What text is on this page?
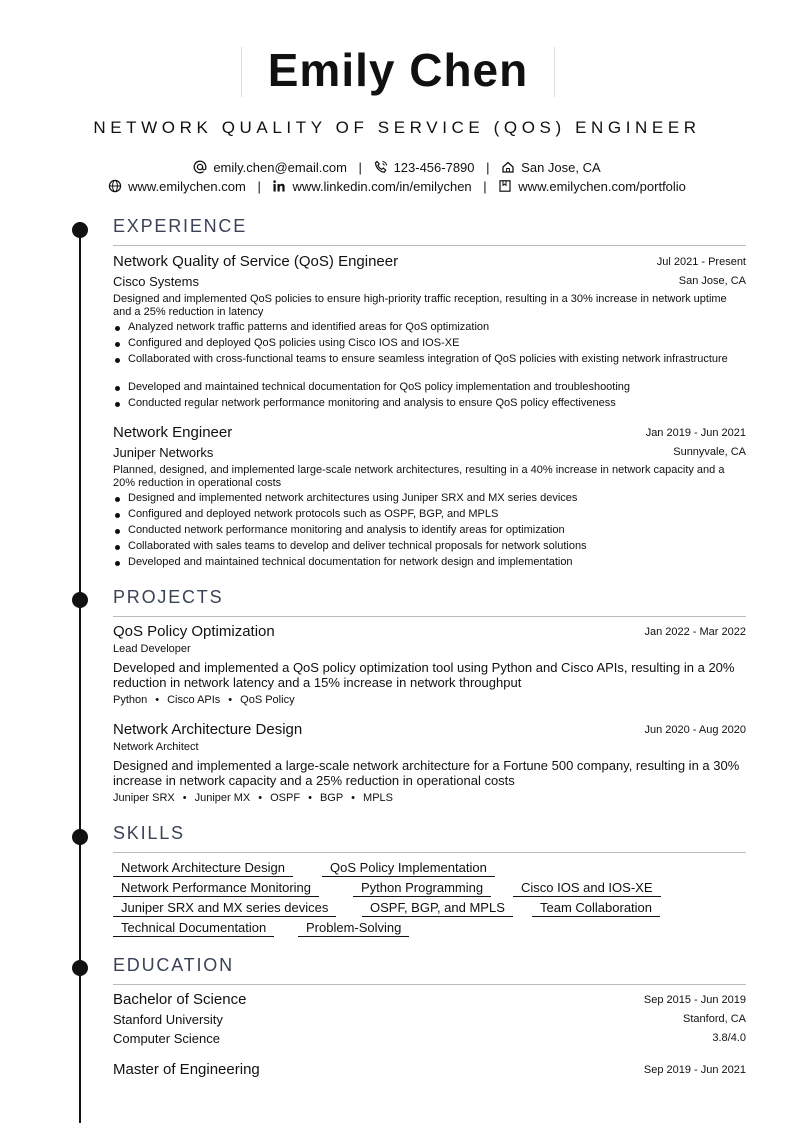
Emily Chen
NETWORK QUALITY OF SERVICE (QOS) ENGINEER
emily.chen@email.com | 123-456-7890 | San Jose, CA
www.emilychen.com | www.linkedin.com/in/emilychen | www.emilychen.com/portfolio
EXPERIENCE
Network Quality of Service (QoS) Engineer	Jul 2021 - Present
Cisco Systems	San Jose, CA
Designed and implemented QoS policies to ensure high-priority traffic reception, resulting in a 30% increase in network uptime and a 25% reduction in latency
Analyzed network traffic patterns and identified areas for QoS optimization
Configured and deployed QoS policies using Cisco IOS and IOS-XE
Collaborated with cross-functional teams to ensure seamless integration of QoS policies with existing network infrastructure
Developed and maintained technical documentation for QoS policy implementation and troubleshooting
Conducted regular network performance monitoring and analysis to ensure QoS policy effectiveness
Network Engineer	Jan 2019 - Jun 2021
Juniper Networks	Sunnyvale, CA
Planned, designed, and implemented large-scale network architectures, resulting in a 40% increase in network capacity and a 20% reduction in operational costs
Designed and implemented network architectures using Juniper SRX and MX series devices
Configured and deployed network protocols such as OSPF, BGP, and MPLS
Conducted network performance monitoring and analysis to identify areas for optimization
Collaborated with sales teams to develop and deliver technical proposals for network solutions
Developed and maintained technical documentation for network design and implementation
PROJECTS
QoS Policy Optimization	Jan 2022 - Mar 2022
Lead Developer
Developed and implemented a QoS policy optimization tool using Python and Cisco APIs, resulting in a 20% reduction in network latency and a 15% increase in network throughput
Python • Cisco APIs • QoS Policy
Network Architecture Design	Jun 2020 - Aug 2020
Network Architect
Designed and implemented a large-scale network architecture for a Fortune 500 company, resulting in a 30% increase in network capacity and a 25% reduction in operational costs
Juniper SRX • Juniper MX • OSPF • BGP • MPLS
SKILLS
Network Architecture Design	QoS Policy Implementation
Network Performance Monitoring	Python Programming	Cisco IOS and IOS-XE
Juniper SRX and MX series devices	OSPF, BGP, and MPLS	Team Collaboration
Technical Documentation	Problem-Solving
EDUCATION
Bachelor of Science	Sep 2015 - Jun 2019
Stanford University	Stanford, CA
Computer Science	3.8/4.0
Master of Engineering	Sep 2019 - Jun 2021
